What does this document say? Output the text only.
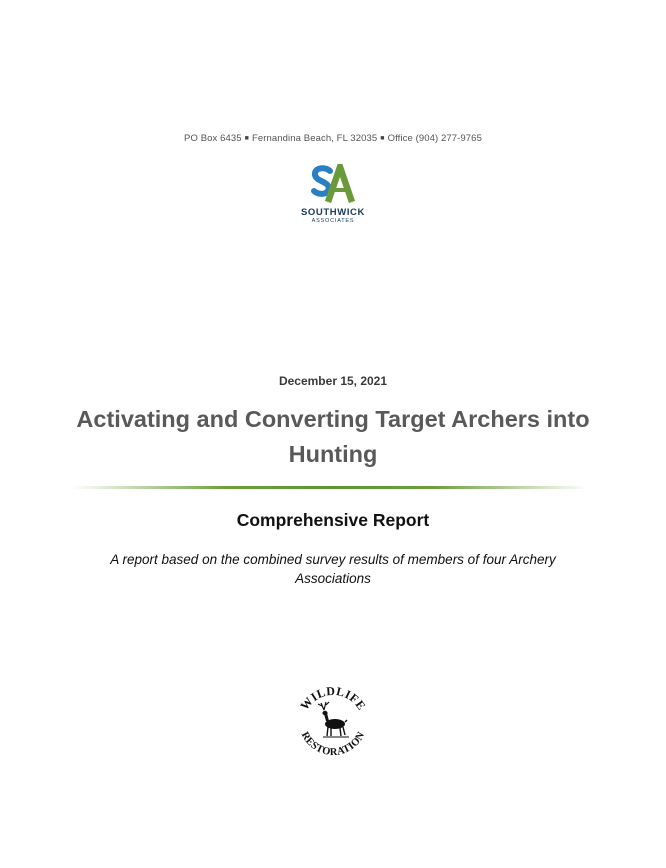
PO Box 6435 ■ Fernandina Beach, FL 32035 ■ Office (904) 277-9765
SOUTHWICK
ASSOCIATES
December 15, 2021
Activating and Converting Target Archers into Hunting
Comprehensive Report
A report based on the combined survey results of members of four Archery Associations
WILDLIFE
RESTORATION
